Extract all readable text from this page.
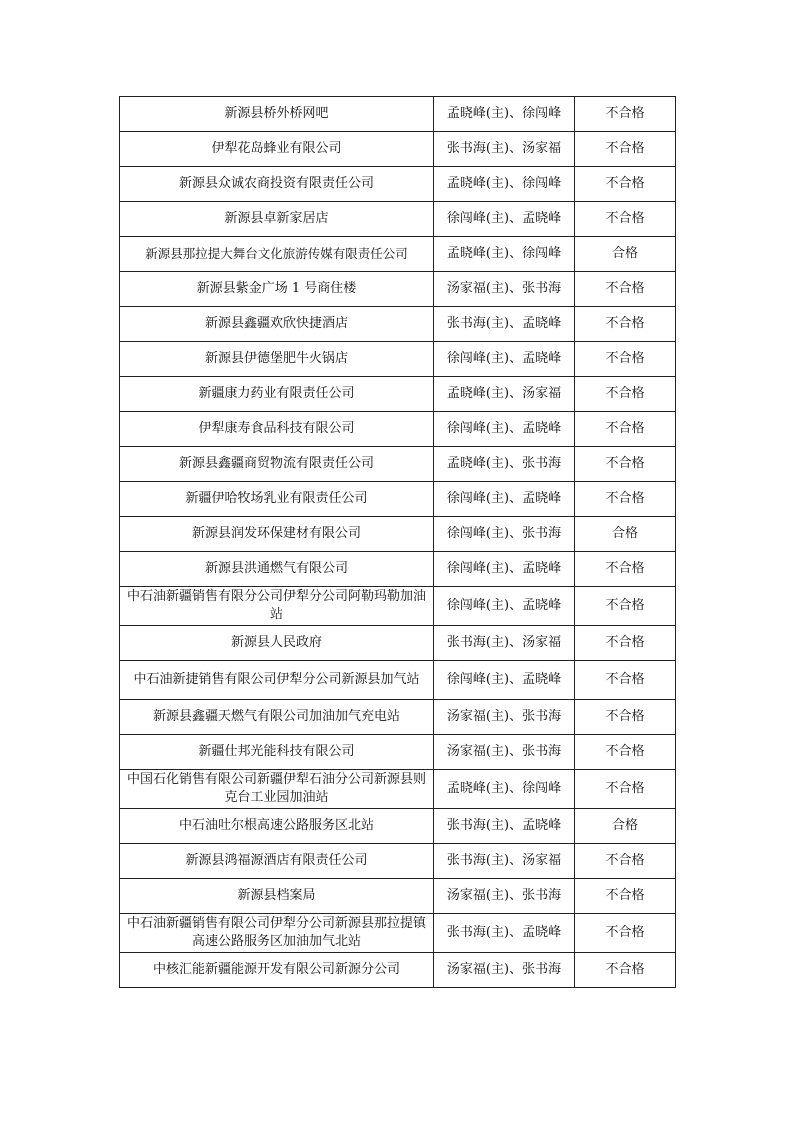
新源县桥外桥网吧	孟晓峰(主)、徐闯峰	不合格
伊犁花岛蜂业有限公司	张书海(主)、汤家福	不合格
新源县众诚农商投资有限责任公司	孟晓峰(主)、徐闯峰	不合格
新源县卓新家居店	徐闯峰(主)、孟晓峰	不合格
新源县那拉提大舞台文化旅游传媒有限责任公司	孟晓峰(主)、徐闯峰	合格
新源县紫金广场 1 号商住楼	汤家福(主)、张书海	不合格
新源县鑫疆欢欣快捷酒店	张书海(主)、孟晓峰	不合格
新源县伊德堡肥牛火锅店	徐闯峰(主)、孟晓峰	不合格
新疆康力药业有限责任公司	孟晓峰(主)、汤家福	不合格
伊犁康寿食品科技有限公司	徐闯峰(主)、孟晓峰	不合格
新源县鑫疆商贸物流有限责任公司	孟晓峰(主)、张书海	不合格
新疆伊哈牧场乳业有限责任公司	徐闯峰(主)、孟晓峰	不合格
新源县润发环保建材有限公司	徐闯峰(主)、张书海	合格
新源县洪通燃气有限公司	徐闯峰(主)、孟晓峰	不合格
中石油新疆销售有限分公司伊犁分公司阿勒玛勒加油站	徐闯峰(主)、孟晓峰	不合格
新源县人民政府	张书海(主)、汤家福	不合格
中石油新捷销售有限公司伊犁分公司新源县加气站	徐闯峰(主)、孟晓峰	不合格
新源县鑫疆天燃气有限公司加油加气充电站	汤家福(主)、张书海	不合格
新疆仕邦光能科技有限公司	汤家福(主)、张书海	不合格
中国石化销售有限公司新疆伊犁石油分公司新源县则克台工业园加油站	孟晓峰(主)、徐闯峰	不合格
中石油吐尔根高速公路服务区北站	张书海(主)、孟晓峰	合格
新源县鸿福源酒店有限责任公司	张书海(主)、汤家福	不合格
新源县档案局	汤家福(主)、张书海	不合格
中石油新疆销售有限公司伊犁分公司新源县那拉提镇高速公路服务区加油加气北站	张书海(主)、孟晓峰	不合格
中核汇能新疆能源开发有限公司新源分公司	汤家福(主)、张书海	不合格
